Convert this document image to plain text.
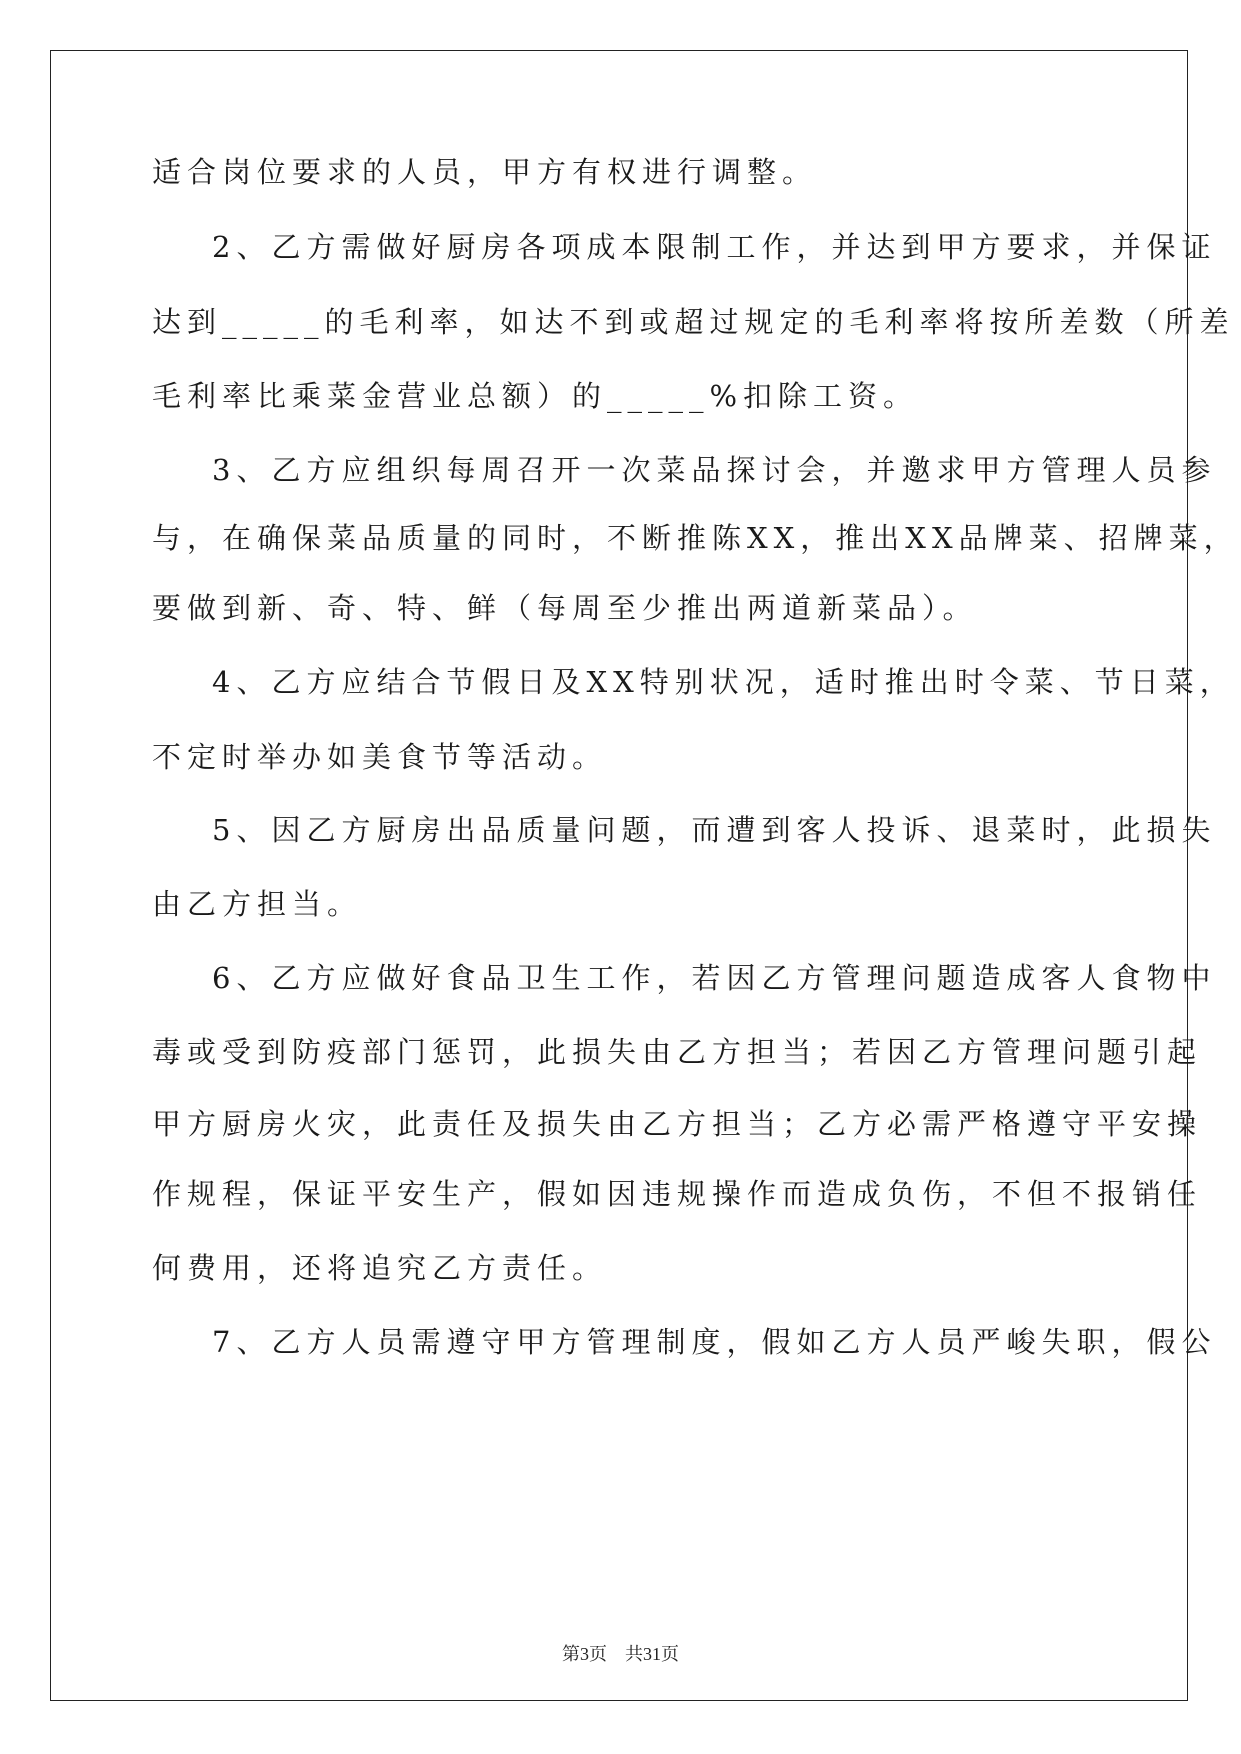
适合岗位要求的人员，甲方有权进行调整。
2、乙方需做好厨房各项成本限制工作，并达到甲方要求，并保证
达到_____的毛利率，如达不到或超过规定的毛利率将按所差数（所差
毛利率比乘菜金营业总额）的_____%扣除工资。
3、乙方应组织每周召开一次菜品探讨会，并邀求甲方管理人员参
与，在确保菜品质量的同时，不断推陈XX，推出XX品牌菜、招牌菜，
要做到新、奇、特、鲜（每周至少推出两道新菜品）。
4、乙方应结合节假日及XX特别状况，适时推出时令菜、节日菜，
不定时举办如美食节等活动。
5、因乙方厨房出品质量问题，而遭到客人投诉、退菜时，此损失
由乙方担当。
6、乙方应做好食品卫生工作，若因乙方管理问题造成客人食物中
毒或受到防疫部门惩罚，此损失由乙方担当；若因乙方管理问题引起
甲方厨房火灾，此责任及损失由乙方担当；乙方必需严格遵守平安操
作规程，保证平安生产，假如因违规操作而造成负伤，不但不报销任
何费用，还将追究乙方责任。
7、乙方人员需遵守甲方管理制度，假如乙方人员严峻失职，假公
第3页 共31页
